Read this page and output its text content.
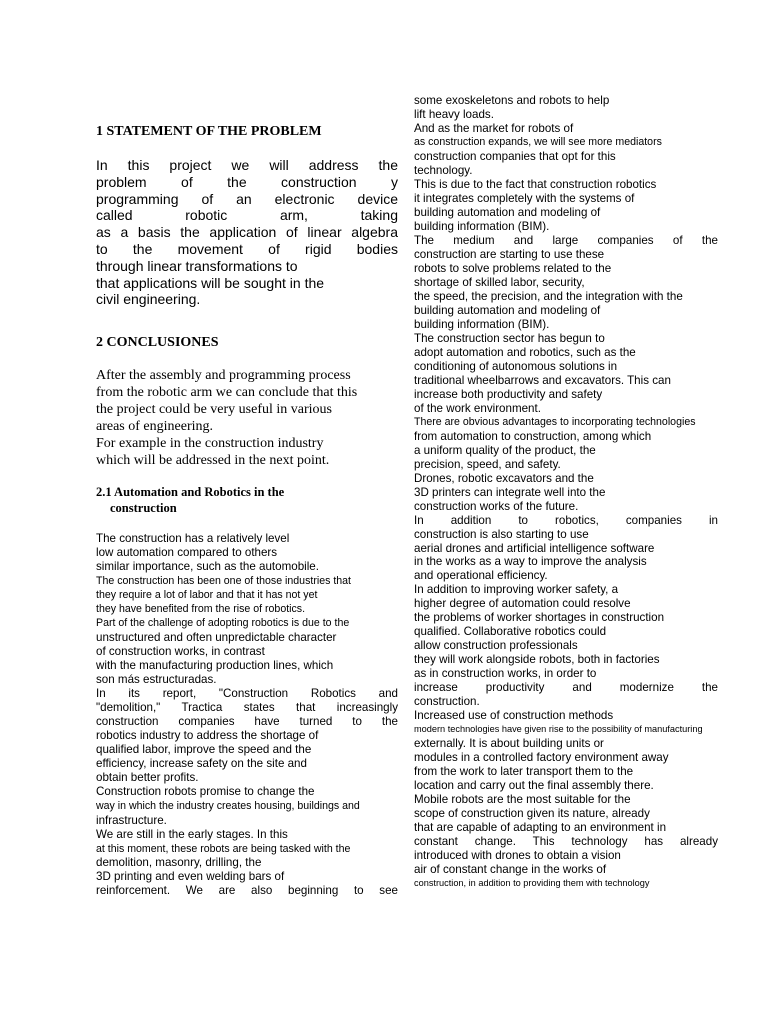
1 STATEMENT OF THE PROBLEM
In this project we will address the
problem of the construction y
programming of an electronic device
called robotic arm, taking
as a basis the application of linear algebra
to the movement of rigid bodies
through linear transformations to
that applications will be sought in the
civil engineering.
2 CONCLUSIONES
After the assembly and programming process
from the robotic arm we can conclude that this
the project could be very useful in various
areas of engineering.
For example in the construction industry
which will be addressed in the next point.
2.1 Automation and Robotics in the
construction
The construction has a relatively level
low automation compared to others
similar importance, such as the automobile.
The construction has been one of those industries that
they require a lot of labor and that it has not yet
they have benefited from the rise of robotics.
Part of the challenge of adopting robotics is due to the
unstructured and often unpredictable character
of construction works, in contrast
with the manufacturing production lines, which
son más estructuradas.
In its report, "Construction Robotics and
"demolition," Tractica states that increasingly
construction companies have turned to the
robotics industry to address the shortage of
qualified labor, improve the speed and the
efficiency, increase safety on the site and
obtain better profits.
Construction robots promise to change the
way in which the industry creates housing, buildings and
infrastructure.
We are still in the early stages. In this
at this moment, these robots are being tasked with the
demolition, masonry, drilling, the
3D printing and even welding bars of
reinforcement. We are also beginning to see
some exoskeletons and robots to help
lift heavy loads.
And as the market for robots of
as construction expands, we will see more mediators
construction companies that opt for this
technology.
This is due to the fact that construction robotics
it integrates completely with the systems of
building automation and modeling of
building information (BIM).
The medium and large companies of the
construction are starting to use these
robots to solve problems related to the
shortage of skilled labor, security,
the speed, the precision, and the integration with the
building automation and modeling of
building information (BIM).
The construction sector has begun to
adopt automation and robotics, such as the
conditioning of autonomous solutions in
traditional wheelbarrows and excavators. This can
increase both productivity and safety
of the work environment.
There are obvious advantages to incorporating technologies
from automation to construction, among which
a uniform quality of the product, the
precision, speed, and safety.
Drones, robotic excavators and the
3D printers can integrate well into the
construction works of the future.
In addition to robotics, companies in
construction is also starting to use
aerial drones and artificial intelligence software
in the works as a way to improve the analysis
and operational efficiency.
In addition to improving worker safety, a
higher degree of automation could resolve
the problems of worker shortages in construction
qualified. Collaborative robotics could
allow construction professionals
they will work alongside robots, both in factories
as in construction works, in order to
increase productivity and modernize the
construction.
Increased use of construction methods
modern technologies have given rise to the possibility of manufacturing
externally. It is about building units or
modules in a controlled factory environment away
from the work to later transport them to the
location and carry out the final assembly there.
Mobile robots are the most suitable for the
scope of construction given its nature, already
that are capable of adapting to an environment in
constant change. This technology has already
introduced with drones to obtain a vision
air of constant change in the works of
construction, in addition to providing them with technology
